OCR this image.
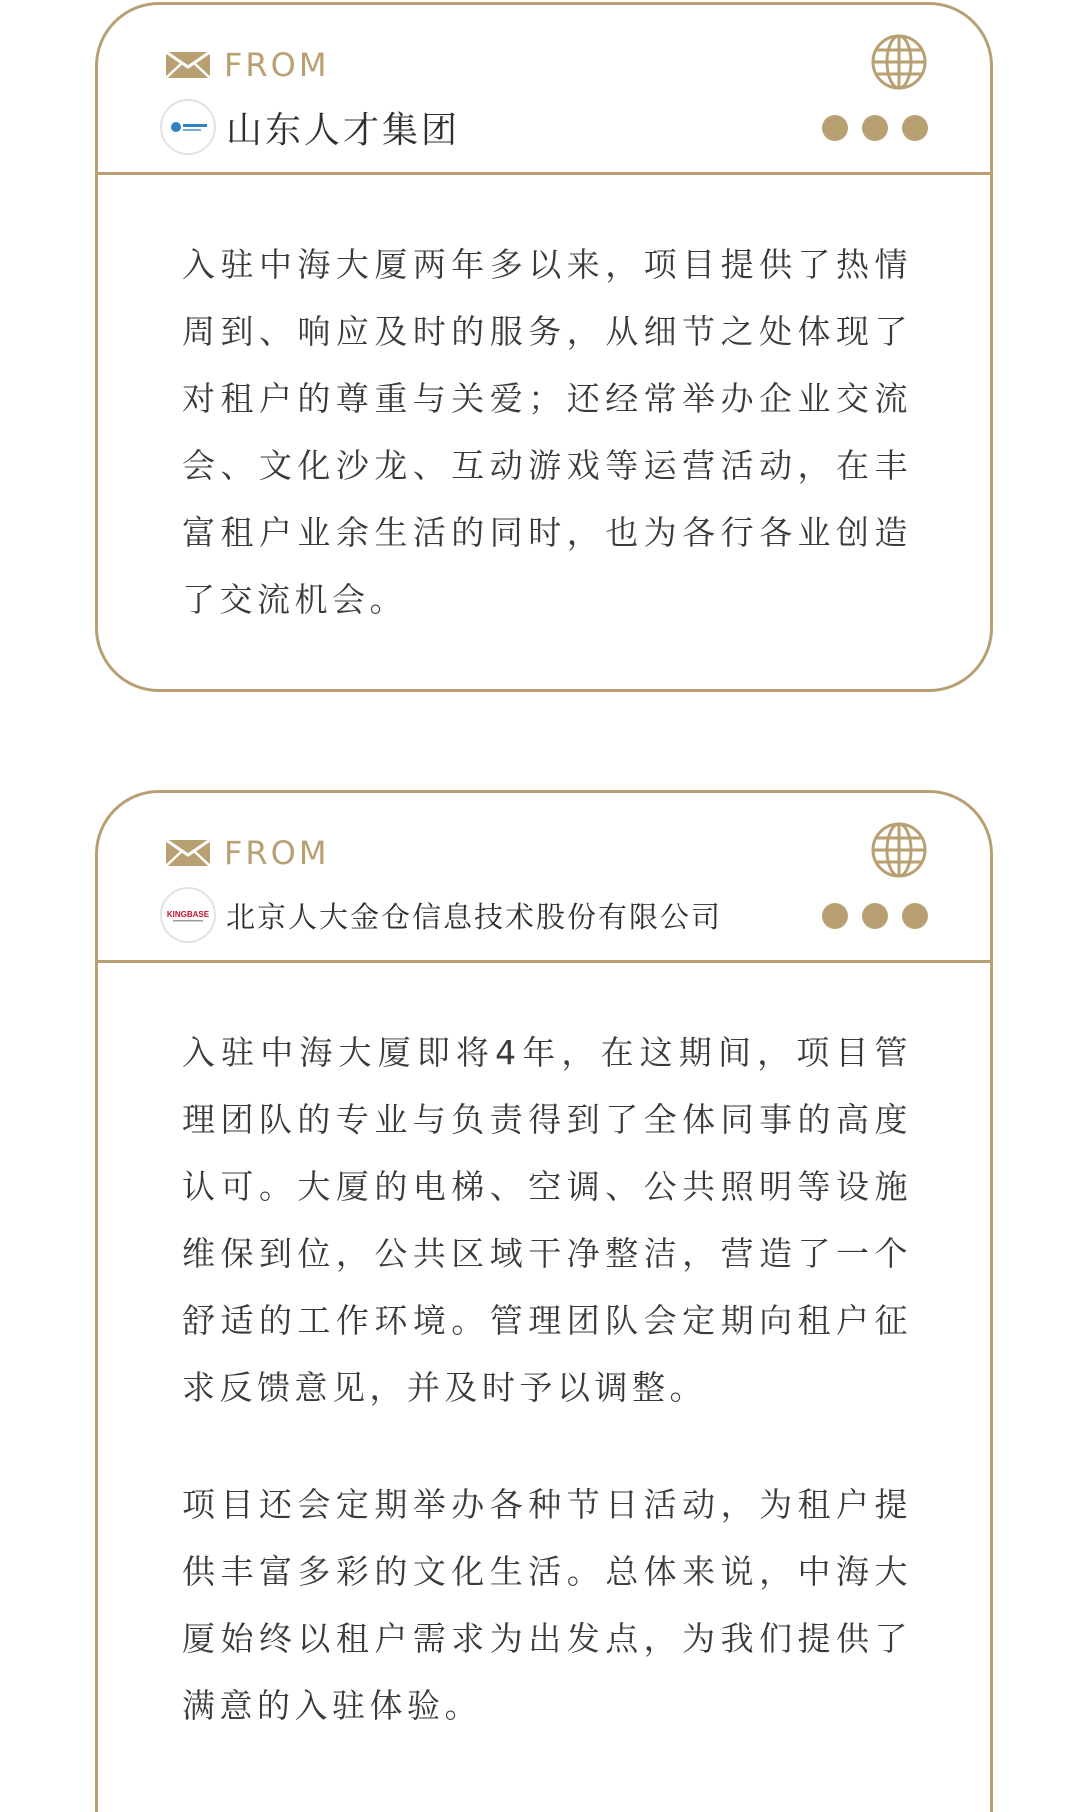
FROM
山东人才集团

入驻中海大厦两年多以来，项目提供了热情周到、响应及时的服务，从细节之处体现了对租户的尊重与关爱；还经常举办企业交流会、文化沙龙、互动游戏等运营活动，在丰富租户业余生活的同时，也为各行各业创造了交流机会。

FROM
KINGBASE 北京人大金仓信息技术股份有限公司

入驻中海大厦即将4年，在这期间，项目管理团队的专业与负责得到了全体同事的高度认可。大厦的电梯、空调、公共照明等设施维保到位，公共区域干净整洁，营造了一个舒适的工作环境。管理团队会定期向租户征求反馈意见，并及时予以调整。

项目还会定期举办各种节日活动，为租户提供丰富多彩的文化生活。总体来说，中海大厦始终以租户需求为出发点，为我们提供了满意的入驻体验。
